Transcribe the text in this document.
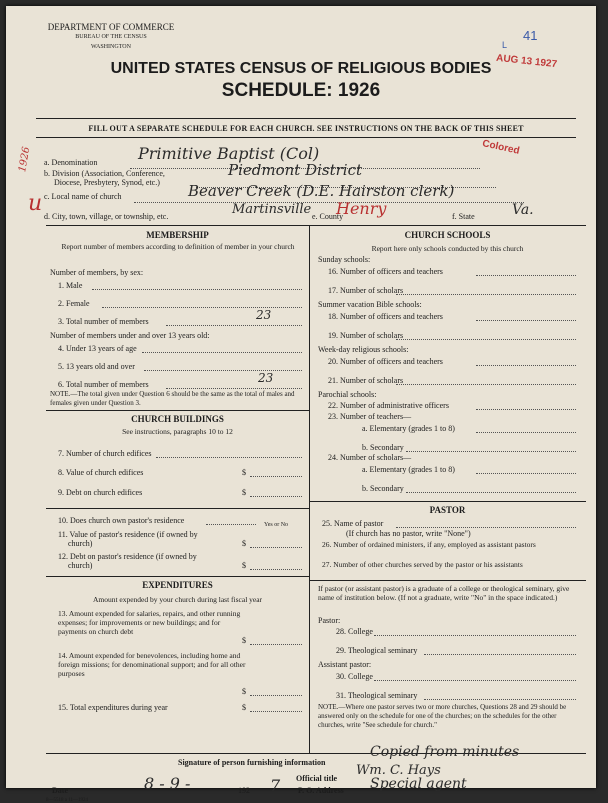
DEPARTMENT OF COMMERCE
BUREAU OF THE CENSUS
WASHINGTON
AUG 13 1927
41
L
UNITED STATES CENSUS OF RELIGIOUS BODIES
SCHEDULE: 1926
FILL OUT A SEPARATE SCHEDULE FOR EACH CHURCH. SEE INSTRUCTIONS ON THE BACK OF THIS SHEET
Colored
1926
u
a. Denomination	Primitive Baptist (Col)
b. Division (Association, Conference,
Diocese, Presbytery, Synod, etc.)
Piedmont District
c. Local name of church	Beaver Creek (D.E. Hairston clerk)
d. City, town, village, or township, etc.	Martinsville e. County
Henry	f. State	Va.
MEMBERSHIP
Report number of members according to definition of member in your church
Number of members, by sex:
1. Male
2. Female
3. Total number of members	23
Number of members under and over 13 years old:
4. Under 13 years of age
5. 13 years old and over
6. Total number of members	23
NOTE.—The total given under Question 6 should be the same as the total of males and females given under Question 3.
CHURCH BUILDINGS
See instructions, paragraphs 10 to 12
7. Number of church edifices
8. Value of church edifices	$
9. Debt on church edifices	$
10. Does church own pastor's residence	Yes or No
11. Value of pastor's residence (if owned by
church)	$
12. Debt on pastor's residence (if owned by
church)	$
EXPENDITURES
Amount expended by your church during last fiscal year
13. Amount expended for salaries, repairs, and other running expenses; for improvements or new buildings; and for payments on church debt
$
14. Amount expended for benevolences, including home and foreign missions; for denominational support; and for all other purposes
$
15. Total expenditures during year	$
CHURCH SCHOOLS
Report here only schools conducted by this church
Sunday schools:
16. Number of officers and teachers
17. Number of scholars
Summer vacation Bible schools:
18. Number of officers and teachers
19. Number of scholars
Week-day religious schools:
20. Number of officers and teachers
21. Number of scholars
Parochial schools:
22. Number of administrative officers
23. Number of teachers—
a. Elementary (grades 1 to 8)
b. Secondary
24. Number of scholars—
a. Elementary (grades 1 to 8)
b. Secondary
PASTOR
25. Name of pastor
(If church has no pastor, write "None")
26. Number of ordained ministers, if any, employed as assistant pastors
27. Number of other churches served by the pastor or his assistants
If pastor (or assistant pastor) is a graduate of a college or theological seminary, give name of institution below. (If not a graduate, write "No" in the space indicated.)
Pastor:
28. College
29. Theological seminary
Assistant pastor:
30. College
31. Theological seminary
NOTE.—Where one pastor serves two or more churches, Questions 28 and 29 should be answered only on the schedule for one of the churches; on the schedules for the other churches, write "See schedule for church."
Signature of person furnishing information
Copied from minutes
Official title
Wm. C. Hays
Date	8 - 9 -	192 7 P. O. Address Special agent
8—5518 a 11—1924
